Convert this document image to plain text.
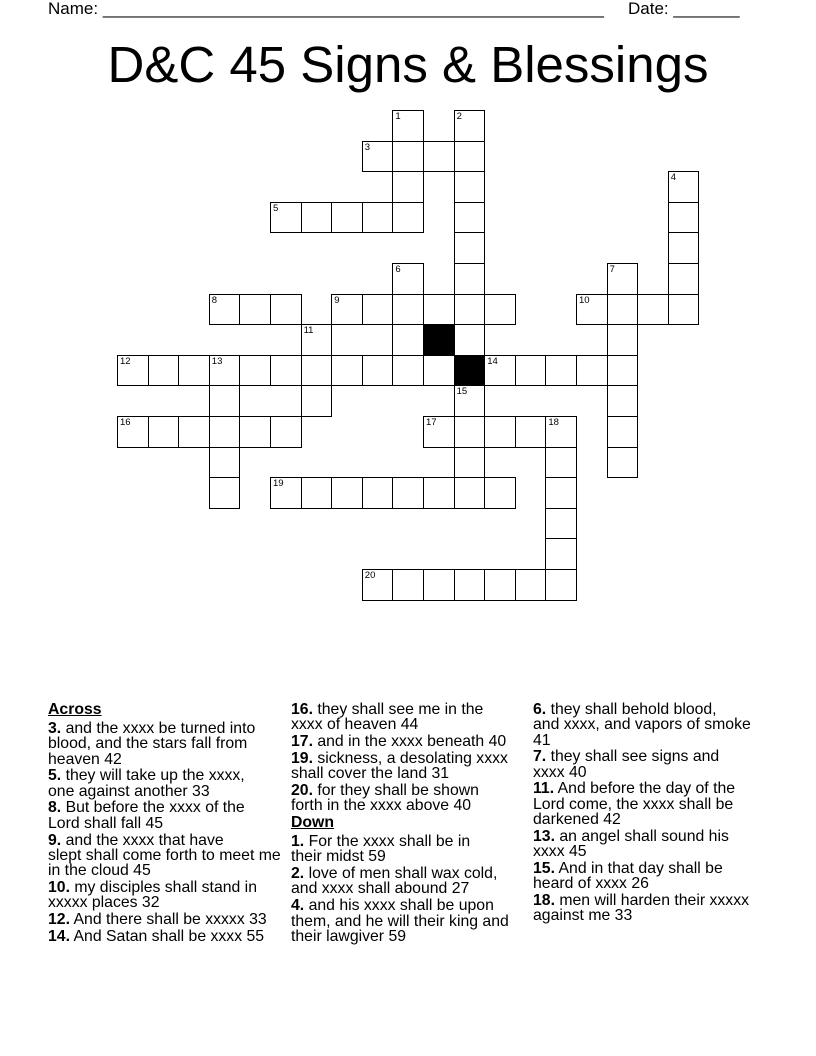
Name: _____________________________________________________ Date: _______
D&C 45 Signs & Blessings
3
5
8	9	10
12	13	14
16	17	18
19
20
1	2
4
6	7
11
15
Across
3 . and the xxxx be turned into
blood, and the stars fall from
heaven 42
5 . they will take up the xxxx,
one against another 33
8 . But before the xxxx of the
Lord shall fall 45
9 . and the xxxx that have
slept shall come forth to meet me
in the cloud 45
10 . my disciples shall stand in
xxxxx places 32
12 . And there shall be xxxxx 33
14 . And Satan shall be xxxx 55
16 . they shall see me in the
xxxx of heaven 44
17 . and in the xxxx beneath 40
19 . sickness, a desolating xxxx
shall cover the land 31
20 . for they shall be shown
forth in the xxxx above 40
Down
1 . For the xxxx shall be in
their midst 59
2 . love of men shall wax cold,
and xxxx shall abound 27
4 . and his xxxx shall be upon
them, and he will their king and
their lawgiver 59
6 . they shall behold blood,
and xxxx, and vapors of smoke
41
7 . they shall see signs and
xxxx 40
11 . And before the day of the
Lord come, the xxxx shall be
darkened 42
13 . an angel shall sound his
xxxx 45
15 . And in that day shall be
heard of xxxx 26
18 . men will harden their xxxxx
against me 33
